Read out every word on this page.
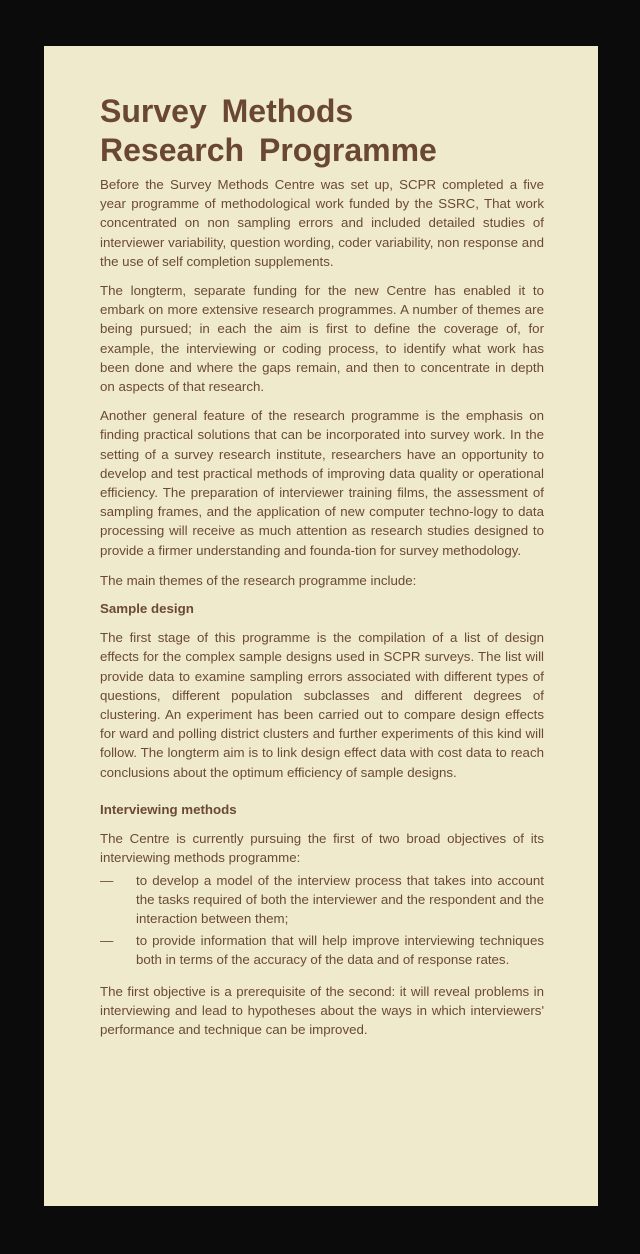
Survey Methods
Research Programme

Before the Survey Methods Centre was set up, SCPR completed a five year programme of methodological work funded by the SSRC, That work concentrated on non sampling errors and included detailed studies of interviewer variability, question wording, coder variability, non response and the use of self completion supplements.

The longterm, separate funding for the new Centre has enabled it to embark on more extensive research programmes. A number of themes are being pursued; in each the aim is first to define the coverage of, for example, the interviewing or coding process, to identify what work has been done and where the gaps remain, and then to concentrate in depth on aspects of that research.

Another general feature of the research programme is the emphasis on finding practical solutions that can be incorporated into survey work. In the setting of a survey research institute, researchers have an opportunity to develop and test practical methods of improving data quality or operational efficiency. The preparation of interviewer training films, the assessment of sampling frames, and the application of new computer techno-logy to data processing will receive as much attention as research studies designed to provide a firmer understanding and founda-tion for survey methodology.

The main themes of the research programme include:

Sample design

The first stage of this programme is the compilation of a list of design effects for the complex sample designs used in SCPR surveys. The list will provide data to examine sampling errors associated with different types of questions, different population subclasses and different degrees of clustering. An experiment has been carried out to compare design effects for ward and polling district clusters and further experiments of this kind will follow. The longterm aim is to link design effect data with cost data to reach conclusions about the optimum efficiency of sample designs.

Interviewing methods

The Centre is currently pursuing the first of two broad objectives of its interviewing methods programme:

—	to develop a model of the interview process that takes into account the tasks required of both the interviewer and the respondent and the interaction between them;
—	to provide information that will help improve interviewing techniques both in terms of the accuracy of the data and of response rates.

The first objective is a prerequisite of the second: it will reveal problems in interviewing and lead to hypotheses about the ways in which interviewers' performance and technique can be improved.
